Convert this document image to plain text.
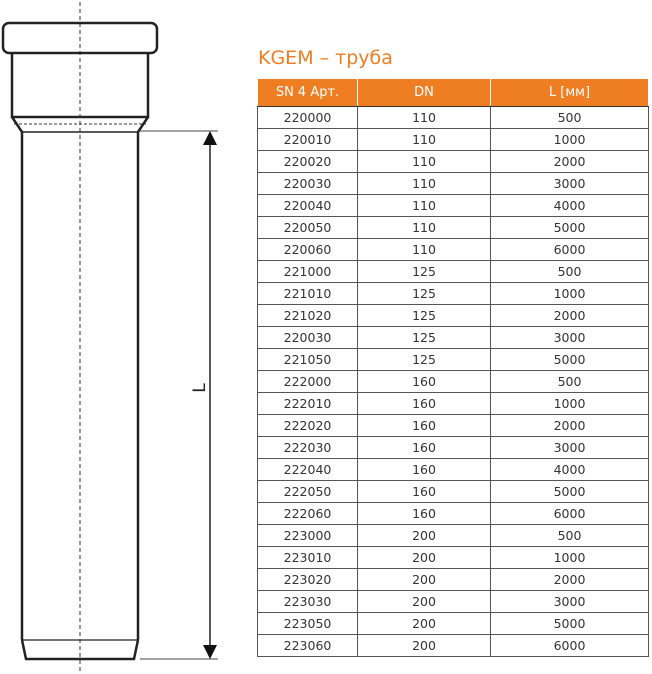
L
KGEM – труба
SN 4 Арт.	DN	L [мм]
220000	110	500
220010	110	1000
220020	110	2000
220030	110	3000
220040	110	4000
220050	110	5000
220060	110	6000
221000	125	500
221010	125	1000
221020	125	2000
220030	125	3000
221050	125	5000
222000	160	500
222010	160	1000
222020	160	2000
222030	160	3000
222040	160	4000
222050	160	5000
222060	160	6000
223000	200	500
223010	200	1000
223020	200	2000
223030	200	3000
223050	200	5000
223060	200	6000
